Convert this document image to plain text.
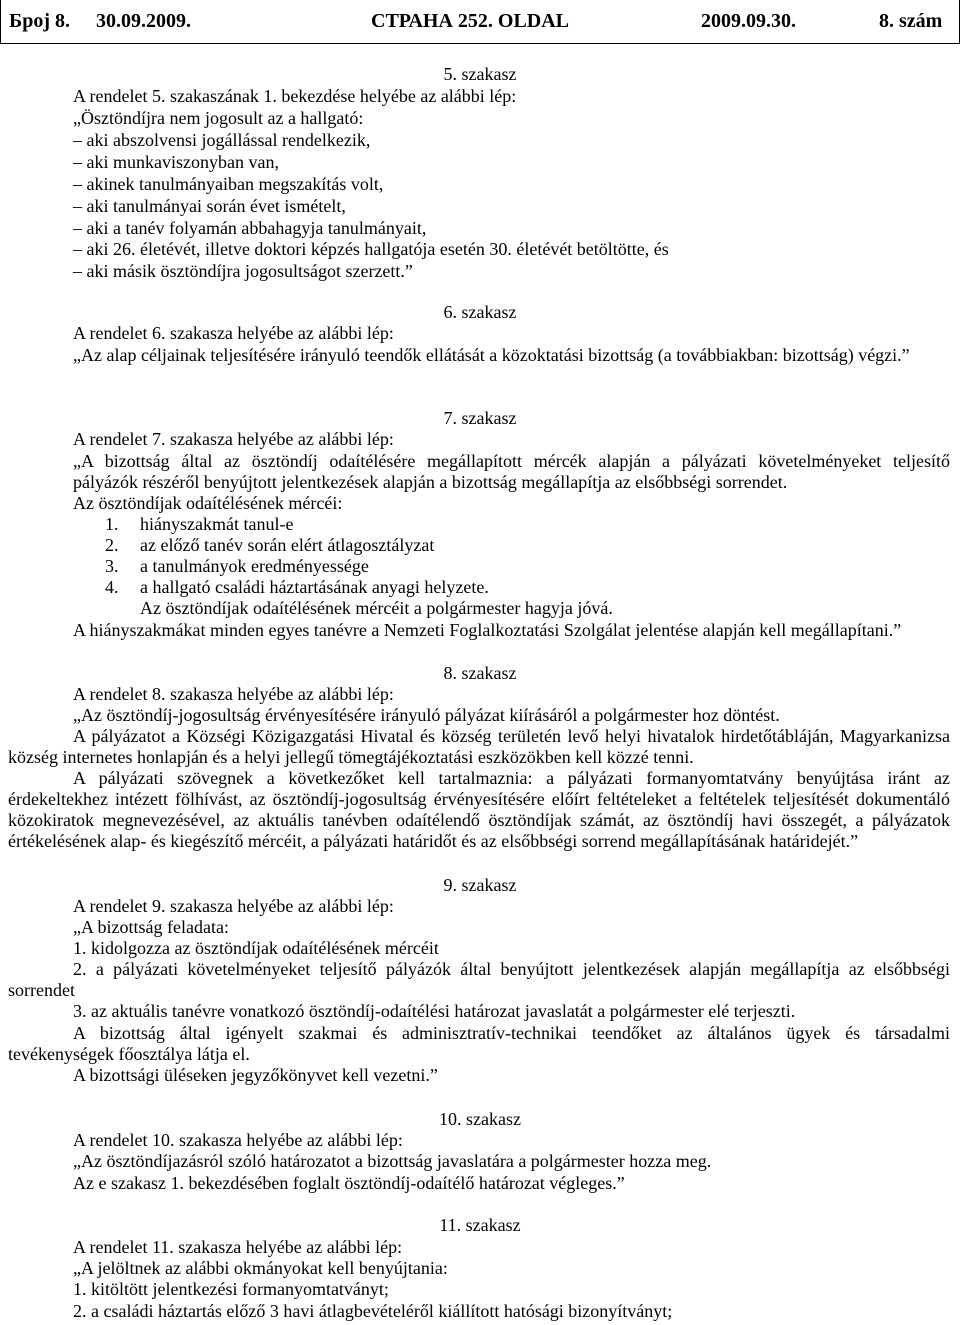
Број 8. 30.09.2009.	СТРАНА 252. OLDAL	2009.09.30.	8. szám
5. szakasz
A rendelet 5. szakaszának 1. bekezdése helyébe az alábbi lép:
„Ösztöndíjra nem jogosult az a hallgató:
– aki abszolvensi jogállással rendelkezik,
– aki munkaviszonyban van,
– akinek tanulmányaiban megszakítás volt,
– aki tanulmányai során évet ismételt,
– aki a tanév folyamán abbahagyja tanulmányait,
– aki 26. életévét, illetve doktori képzés hallgatója esetén 30. életévét betöltötte, és
– aki másik ösztöndíjra jogosultságot szerzett.”
6. szakasz
A rendelet 6. szakasza helyébe az alábbi lép:
„Az alap céljainak teljesítésére irányuló teendők ellátását a közoktatási bizottság (a továbbiakban: bizottság) végzi.”
7. szakasz
A rendelet 7. szakasza helyébe az alábbi lép:
„A bizottság által az ösztöndíj odaítélésére megállapított mércék alapján a pályázati követelményeket teljesítő
pályázók részéről benyújtott jelentkezések alapján a bizottság megállapítja az elsőbbségi sorrendet.
Az ösztöndíjak odaítélésének mércéi:
1. hiányszakmát tanul-e
2. az előző tanév során elért átlagosztályzat
3. a tanulmányok eredményessége
4. a hallgató családi háztartásának anyagi helyzete.
Az ösztöndíjak odaítélésének mércéit a polgármester hagyja jóvá.
A hiányszakmákat minden egyes tanévre a Nemzeti Foglalkoztatási Szolgálat jelentése alapján kell megállapítani.”
8. szakasz
A rendelet 8. szakasza helyébe az alábbi lép:
„Az ösztöndíj-jogosultság érvényesítésére irányuló pályázat kiírásáról a polgármester hoz döntést.
A pályázatot a Községi Közigazgatási Hivatal és község területén levő helyi hivatalok hirdetőtábláján, Magyarkanizsa
község internetes honlapján és a helyi jellegű tömegtájékoztatási eszközökben kell közzé tenni.
A pályázati szövegnek a következőket kell tartalmaznia: a pályázati formanyomtatvány benyújtása iránt az
érdekeltekhez intézett fölhívást, az ösztöndíj-jogosultság érvényesítésére előírt feltételeket a feltételek teljesítését dokumentáló
közokiratok megnevezésével, az aktuális tanévben odaítélendő ösztöndíjak számát, az ösztöndíj havi összegét, a pályázatok
értékelésének alap- és kiegészítő mércéit, a pályázati határidőt és az elsőbbségi sorrend megállapításának határidejét.”
9. szakasz
A rendelet 9. szakasza helyébe az alábbi lép:
„A bizottság feladata:
1. kidolgozza az ösztöndíjak odaítélésének mércéit
2. a pályázati követelményeket teljesítő pályázók által benyújtott jelentkezések alapján megállapítja az elsőbbségi
sorrendet
3. az aktuális tanévre vonatkozó ösztöndíj-odaítélési határozat javaslatát a polgármester elé terjeszti.
A bizottság által igényelt szakmai és adminisztratív-technikai teendőket az általános ügyek és társadalmi
tevékenységek főosztálya látja el.
A bizottsági üléseken jegyzőkönyvet kell vezetni.”
10. szakasz
A rendelet 10. szakasza helyébe az alábbi lép:
„Az ösztöndíjazásról szóló határozatot a bizottság javaslatára a polgármester hozza meg.
Az e szakasz 1. bekezdésében foglalt ösztöndíj-odaítélő határozat végleges.”
11. szakasz
A rendelet 11. szakasza helyébe az alábbi lép:
„A jelöltnek az alábbi okmányokat kell benyújtania:
1. kitöltött jelentkezési formanyomtatványt;
2. a családi háztartás előző 3 havi átlagbevételéről kiállított hatósági bizonyítványt;
